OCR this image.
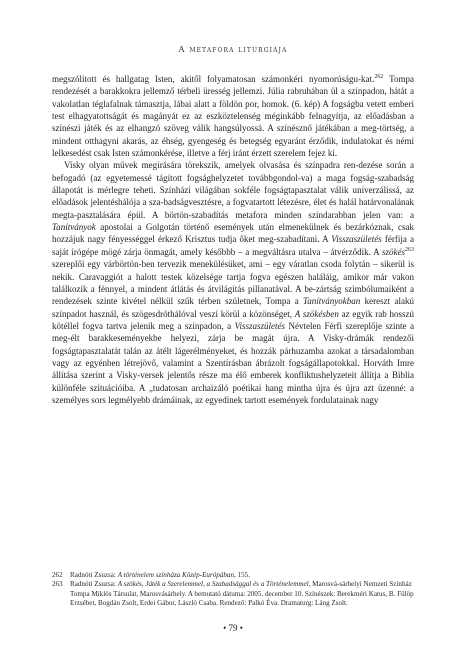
A metafora liturgiája

megszólított és hallgatag Isten, akitől folyamatosan számonkéri nyomorúságu-kat.$^{262}$ Tompa rendezését a barakkokra jellemző térbeli üresség jellemzi. Júlia rabruhában ül a színpadon, hátát a vakolatlan téglafalnak támasztja, lábai alatt a földön por, homok. (6. kép) A fogságba vetett emberi test elhagyatottságát és magányát ez az eszköztelenség méginkább felnagyítja, az előadásban a színészi játék és az elhangzó szöveg válik hangsúlyossá. A színésznő játékában a meg-törtség, a mindent otthagyni akarás, az éhség, gyengeség és betegség egyaránt érződik, indulatokat és némi lelkesedést csak Isten számonkérése, illetve a férj iránt érzett szerelem fejez ki.

Visky olyan művek megírására törekszik, amelyek olvasása és színpadra ren-dezése során a befogadó (az egyetemessé tágított fogsághelyzetet továbbgondol-va) a maga fogság-szabadság állapotát is mérlegre teheti. Színházi világában sokféle fogságtapasztalat válik univerzálissá, az előadások jelentéshálója a sza-badságvesztésre, a fogvatartott létezésre, élet és halál határvonalának megta-pasztalására épül. A börtön-szabadítás metafora minden színdarabban jelen van: a Tanítványok apostolai a Golgotán történő események után elmenekülnek és bezárkóznak, csak hozzájuk nagy fényességgel érkező Krisztus tudja őket meg-szabadítani. A Visszaszületés férfija a saját írógépe mögé zárja önmagát, amely későbbb – a megváltásra utalva – átvérződik. A szökés$^{263}$ szereplői egy várbörtön-ben tervezik menekülésüket, ami – egy váratlan csoda folytán – sikerül is nekik. Caravaggiót a halott testek közelsége tartja fogva egészen haláláig, amikor már vakon találkozik a fénnyel, a mindent átlátás és átvilágítás pillanatával. A be-zártság szimbólumaiként a rendezések szinte kivétel nélkül szűk térben születnek, Tompa a Tanítványokban kereszt alakú színpadot használ, és szögesdróthálóval veszi körül a közönséget, A szökésben az egyik rab hosszú kötéllel fogva tartva jelenik meg a színpadon, a Visszaszületés Névtelen Férfi szereplője szinte a meg-élt barakkeseményekbe helyezi, zárja be magát újra. A Visky-drámák rendezői fogságtapasztalatát talán az átélt lágerélményeket, és hozzák párhuzamba azokat a társadalomban vagy az egyénben létrejövő, valamint a Szentírásban ábrázolt fogságállapotokkal. Horváth Imre állítása szerint a Visky-versek jelentős része ma élő emberek konfliktushelyzeteit állítja a Biblia különféle szituációiba. A „tudatosan archaizáló poétikai hang mintha újra és újra azt üzenné: a személyes sors legmélyebb drámáinak, az egyedinek tartott események fordulatainak nagy

262	Radnóti Zsuzsa: A történelem színháza Közép-Európában, 155.
263	Radnóti Zsuzsa: A szökés, Játék a Szerelemmel, a Szabadsággal és a Történelemmel, Marosvá-sárhelyi Nemzeti Színház Tompa Miklós Társulat, Marosvásárhely. A bemutató dátuma: 2005. december 10. Színészek: Berekméri Katus, B. Fülöp Erzsébet, Bogdán Zsolt, Erdei Gábor, László Csaba. Rendező: Palkó Éva. Dramaturg: Láng Zsolt.
• 79 •
